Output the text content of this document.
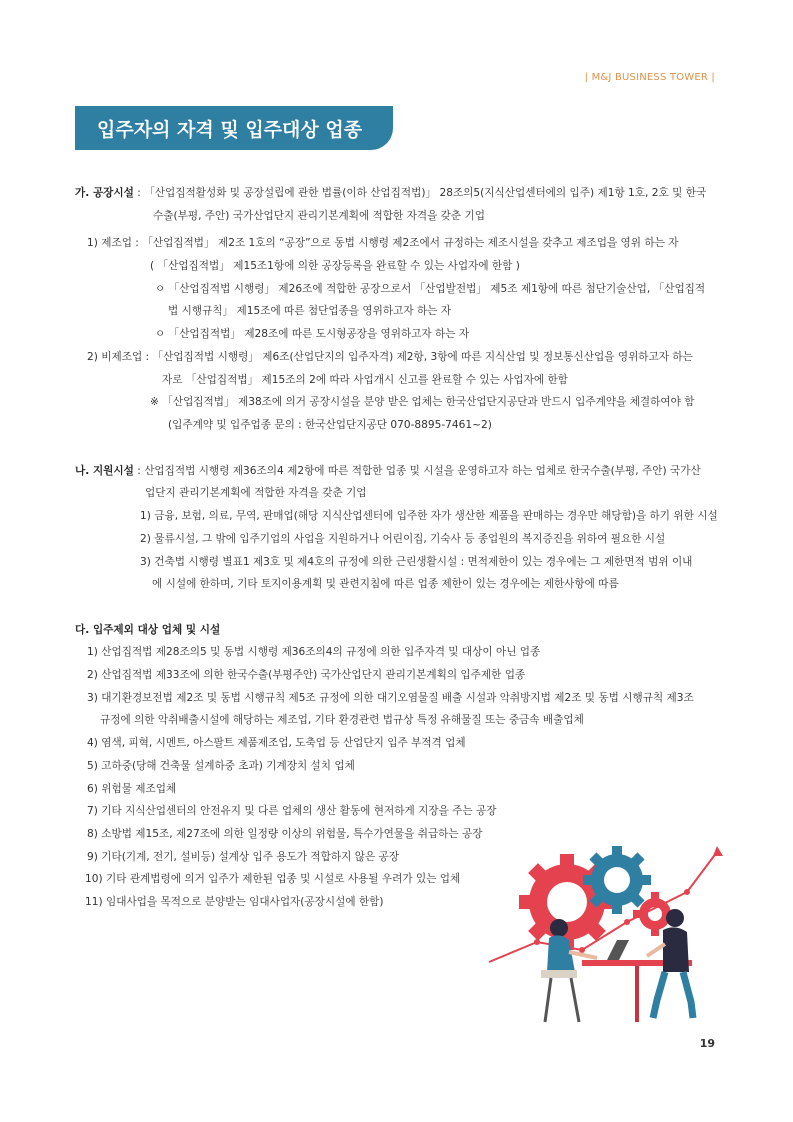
| M&J BUSINESS TOWER |
입주자의 자격 및 입주대상 업종
가. 공장시설 : 「산업집적활성화 및 공장설립에 관한 법률(이하 산업집적법)」 28조의5(지식산업센터에의 입주) 제1항 1호, 2호 및 한국
수출(부평, 주안) 국가산업단지 관리기본계획에 적합한 자격을 갖춘 기업
1) 제조업 : 「산업집적법」 제2조 1호의 “공장”으로 동법 시행령 제2조에서 규정하는 제조시설을 갖추고 제조업을 영위 하는 자
( 「산업집적법」 제15조1항에 의한 공장등록을 완료할 수 있는 사업자에 한함 )
ㅇ 「산업집적법 시행령」 제26조에 적합한 공장으로서 「산업발전법」 제5조 제1항에 따른 첨단기술산업, 「산업집적
법 시행규칙」 제15조에 따른 첨단업종을 영위하고자 하는 자
ㅇ 「산업집적법」 제28조에 따른 도시형공장을 영위하고자 하는 자
2) 비제조업 : 「산업집적법 시행령」 제6조(산업단지의 입주자격) 제2항, 3항에 따른 지식산업 및 정보통신산업을 영위하고자 하는
자로 「산업집적법」 제15조의 2에 따라 사업개시 신고를 완료할 수 있는 사업자에 한함
※ 「산업집적법」 제38조에 의거 공장시설을 분양 받은 업체는 한국산업단지공단과 반드시 입주계약을 체결하여야 함
(입주계약 및 입주업종 문의 : 한국산업단지공단 070-8895-7461~2)
나. 지원시설 : 산업집적법 시행령 제36조의4 제2항에 따른 적합한 업종 및 시설을 운영하고자 하는 업체로 한국수출(부평, 주안) 국가산
업단지 관리기본계획에 적합한 자격을 갖춘 기업
1) 금융, 보험, 의료, 무역, 판매업(해당 지식산업센터에 입주한 자가 생산한 제품을 판매하는 경우만 해당함)을 하기 위한 시설
2) 물류시설, 그 밖에 입주기업의 사업을 지원하거나 어린이집, 기숙사 등 종업원의 복지증진을 위하여 필요한 시설
3) 건축법 시행령 별표1 제3호 및 제4호의 규정에 의한 근린생활시설 : 면적제한이 있는 경우에는 그 제한면적 범위 이내
에 시설에 한하며, 기타 토지이용계획 및 관련지침에 따른 업종 제한이 있는 경우에는 제한사항에 따름
다. 입주제외 대상 업체 및 시설
1) 산업집적법 제28조의5 및 동법 시행령 제36조의4의 규정에 의한 입주자격 및 대상이 아닌 업종
2) 산업집적법 제33조에 의한 한국수출(부평주안) 국가산업단지 관리기본계획의 입주제한 업종
3) 대기환경보전법 제2조 및 동법 시행규칙 제5조 규정에 의한 대기오염물질 배출 시설과 악취방지법 제2조 및 동법 시행규칙 제3조
규정에 의한 악취배출시설에 해당하는 제조업, 기타 환경관련 법규상 특정 유해물질 또는 중금속 배출업체
4) 염색, 피혁, 시멘트, 아스팔트 제품제조업, 도축업 등 산업단지 입주 부적격 업체
5) 고하중(당해 건축물 설계하중 초과) 기계장치 설치 업체
6) 위험물 제조업체
7) 기타 지식산업센터의 안전유지 및 다른 업체의 생산 활동에 현저하게 지장을 주는 공장
8) 소방법 제15조, 제27조에 의한 일정량 이상의 위험물, 특수가연물을 취급하는 공장
9) 기타(기계, 전기, 설비등) 설계상 입주 용도가 적합하지 않은 공장
10) 기타 관계법령에 의거 입주가 제한된 업종 및 시설로 사용될 우려가 있는 업체
11) 임대사업을 목적으로 분양받는 임대사업자(공장시설에 한함)
19
